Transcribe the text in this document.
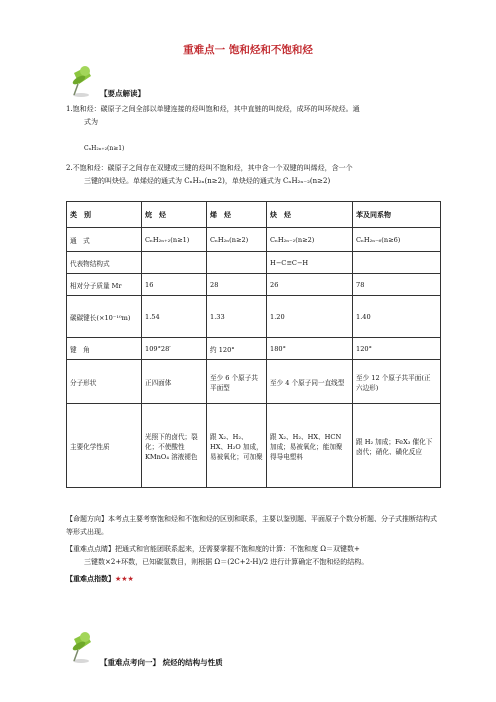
重难点一 饱和烃和不饱和烃
【要点解读】
1.饱和烃：碳原子之间全部以单键连接的烃叫饱和烃，其中直链的叫烷烃，成环的叫环烷烃。通
式为
CₙH₂ₙ₊₂(n≥1)
2.不饱和烃：碳原子之间存在双键或三键的烃叫不饱和烃，其中含一个双键的叫烯烃，含一个
三键的叫炔烃。单烯烃的通式为 CₙH₂ₙ(n≥2)，单炔烃的通式为 CₙH₂ₙ₋₂(n≥2)
类　别	烷　烃	烯　烃	炔　烃	苯及同系物
通　式	CₙH₂ₙ₊₂(n≥1)	CₙH₂ₙ(n≥2)	CₙH₂ₙ₋₂(n≥2)	CₙH₂ₙ₋₆(n≥6)
代表物结构式			H−C≡C−H	
相对分子质量 Mr	16	28	26	78
碳碳键长(×10⁻¹⁰m)	1.54	1.33	1.20	1.40
键　角	109°28′	约 120°	180°	120°
分子形状	正四面体	至少 6 个原子共平面型	至少 4 个原子同一直线型	至少 12 个原子共平面(正六边形)
主要化学性质	光照下的卤代；裂化；不使酸性 KMnO₄ 溶液褪色	跟 X₂、H₂、HX、H₂O 加成，易被氧化；可加聚	跟 X₂、H₂、HX、HCN 加成；易被氧化；能加聚得导电塑料	跟 H₂ 加成；FeX₃ 催化下卤代；硝化、磺化反应
【命题方向】本考点主要考察饱和烃和不饱和烃的区别和联系，主要以鉴别题、平面原子个数分析题、分子式推断结构式等形式出现。
【重难点点睛】把通式和官能团联系起来，还需要掌握不饱和度的计算：不饱和度 Ω＝双键数+
三键数×2+环数，已知碳氢数目，则根据 Ω＝(2C+2-H)/2 进行计算确定不饱和烃的结构。
【重难点指数】★★★
【重难点考向一】 烷烃的结构与性质
